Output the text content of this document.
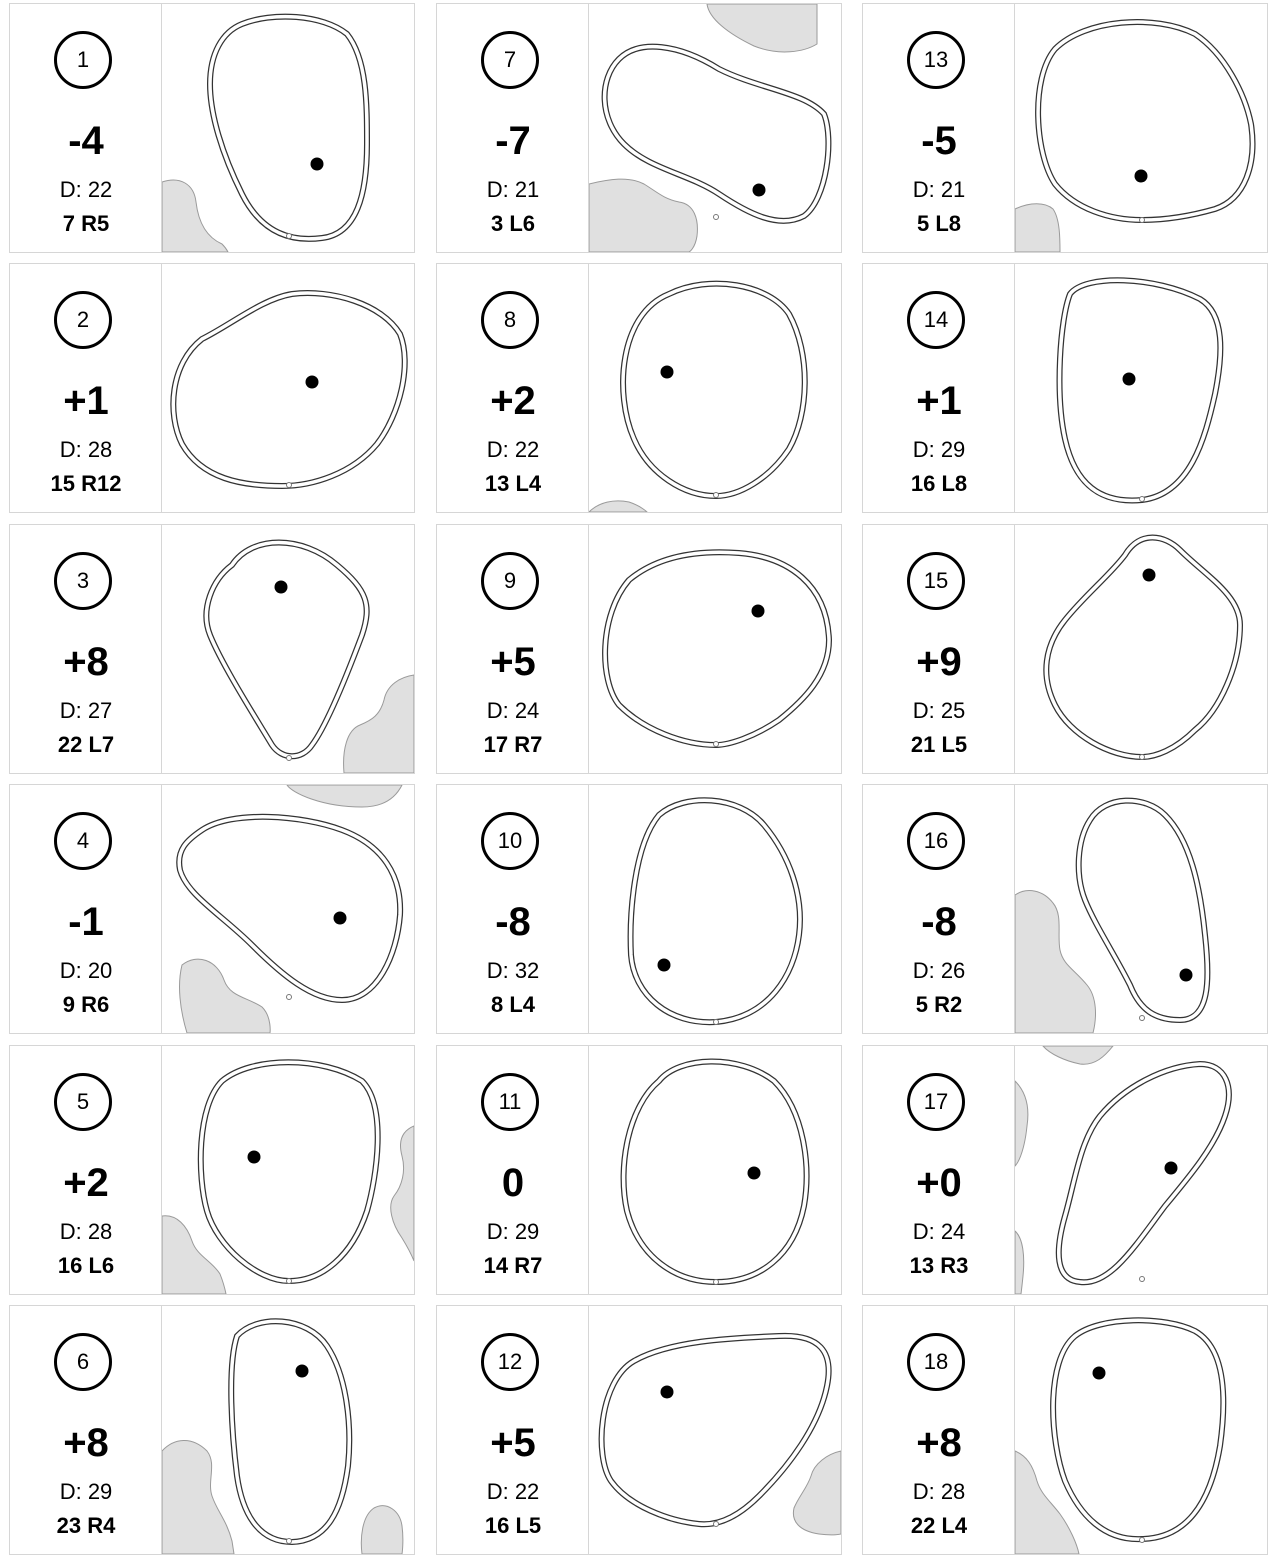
1
-4
D: 22
7 R5
2
+1
D: 28
15 R12
3
+8
D: 27
22 L7
4
-1
D: 20
9 R6
5
+2
D: 28
16 L6
6
+8
D: 29
23 R4
7
-7
D: 21
3 L6
8
+2
D: 22
13 L4
9
+5
D: 24
17 R7
10
-8
D: 32
8 L4
11
0
D: 29
14 R7
12
+5
D: 22
16 L5
13
-5
D: 21
5 L8
14
+1
D: 29
16 L8
15
+9
D: 25
21 L5
16
-8
D: 26
5 R2
17
+0
D: 24
13 R3
18
+8
D: 28
22 L4
